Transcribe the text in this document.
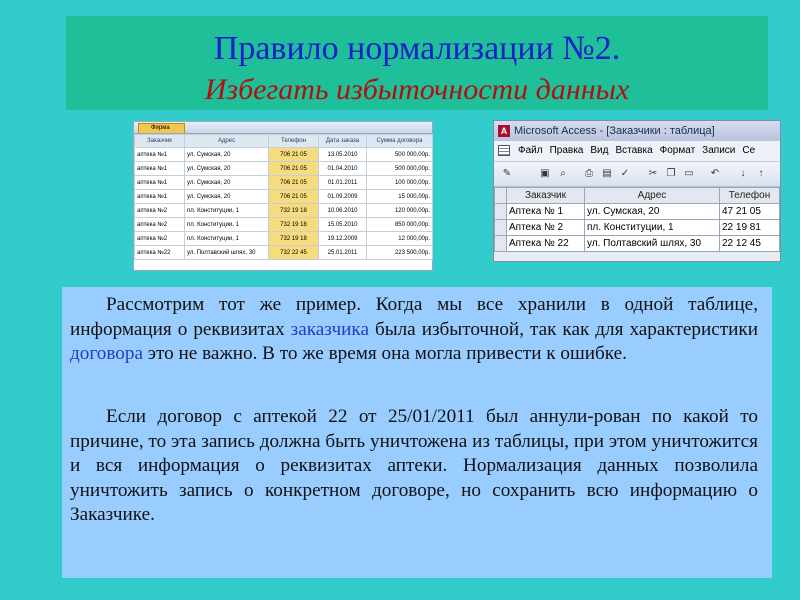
Правило нормализации №2.
Избегать избыточности данных
Фирма
Заказчик	Адрес	Телефон	Дата заказа	Сумма договора
аптека №1	ул. Сумская, 20	706 21 05	13.05.2010	500 000,00р.
аптека №1	ул. Сумская, 20	706 21 05	01.04.2010	500 000,00р.
аптека №1	ул. Сумская, 20	706 21 05	01.01.2011	100 000,00р.
аптека №1	ул. Сумская, 20	706 21 05	01.09.2009	15 000,00р.
аптека №2	пл. Конституции, 1	732 19 18	10.06.2010	120 000,00р.
аптека №2	пл. Конституции, 1	732 19 18	15.05.2010	850 000,00р.
аптека №2	пл. Конституции, 1	732 19 18	19.12.2009	12 000,00р.
аптека №22	ул. Полтавский шлях, 30	732 22 45	25.01.2011	223 500,00р.
A Microsoft Access - [Заказчики : таблица]
Файл Правка Вид Вставка Формат Записи Се
✎	▣	⌕	⎙ ▤ ✓ ✂ ❐ ▭ ↶	↓	↑
	Заказчик	Адрес	Телефон
	Аптека № 1	ул. Сумская, 20	47 21 05
	Аптека № 2	пл. Конституции, 1	22 19 81
	Аптека № 22	ул. Полтавский шлях, 30	22 12 45
Рассмотрим тот же пример. Когда мы все хранили в одной таблице, информация о реквизитах заказчика была избыточной, так как для характеристики договора это не важно. В то же время она могла привести к ошибке.
Если договор с аптекой 22 от 25/01/2011 был аннули-рован по какой то причине, то эта запись должна быть уничтожена из таблицы, при этом уничтожится и вся информация о реквизитах аптеки. Нормализация данных позволила уничтожить запись о конкретном договоре, но сохранить всю информацию о Заказчике.
